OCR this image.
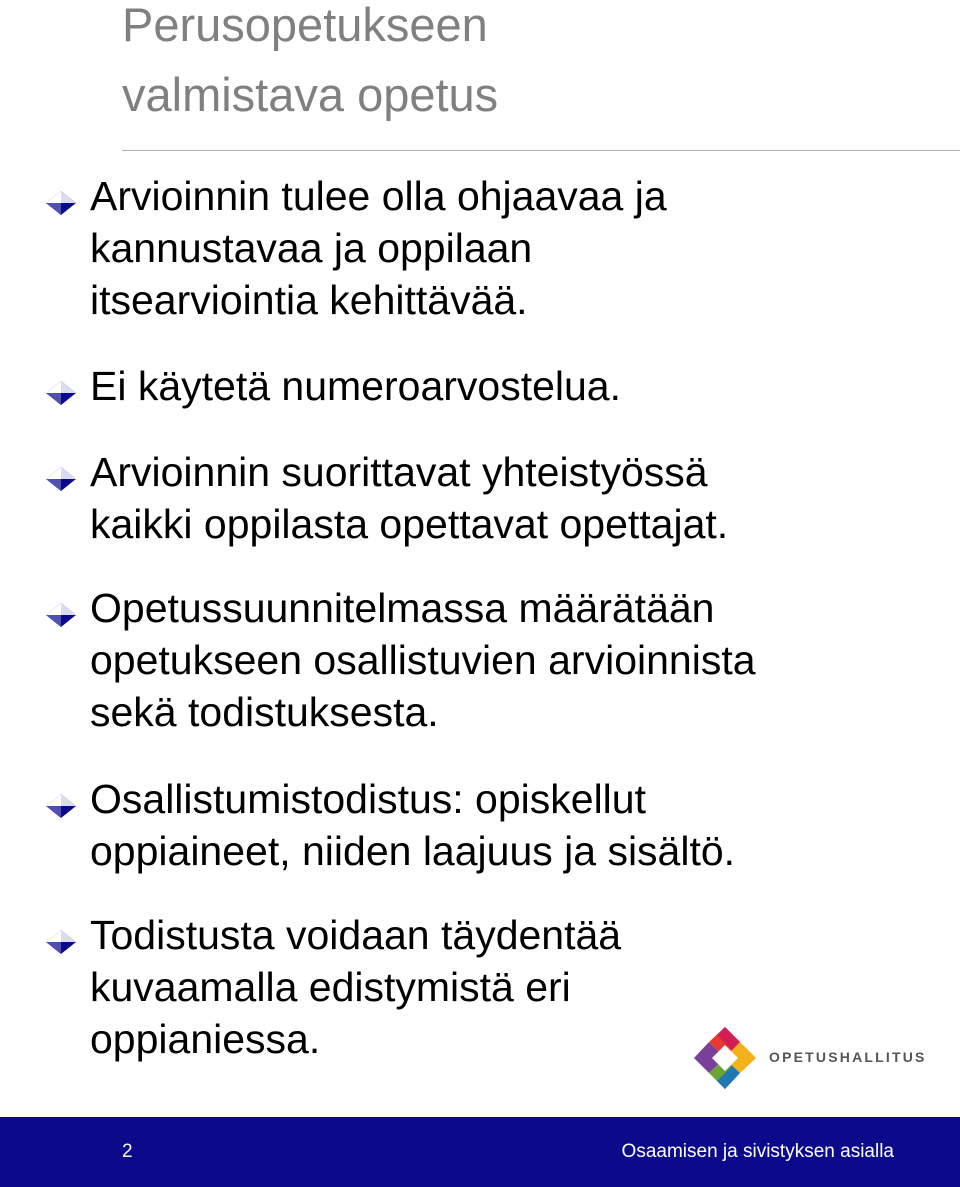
Perusopetukseen
valmistava opetus
Arvioinnin tulee olla ohjaavaa ja
kannustavaa ja oppilaan
itsearviointia kehittävää.
Ei käytetä numeroarvostelua.
Arvioinnin suorittavat yhteistyössä
kaikki oppilasta opettavat opettajat.
Opetussuunnitelmassa määrätään
opetukseen osallistuvien arvioinnista
sekä todistuksesta.
Osallistumistodistus: opiskellut
oppiaineet, niiden laajuus ja sisältö.
Todistusta voidaan täydentää
kuvaamalla edistymistä eri
oppianiessa.	OPETUSHALLITUS
2	Osaamisen ja sivistyksen asialla
